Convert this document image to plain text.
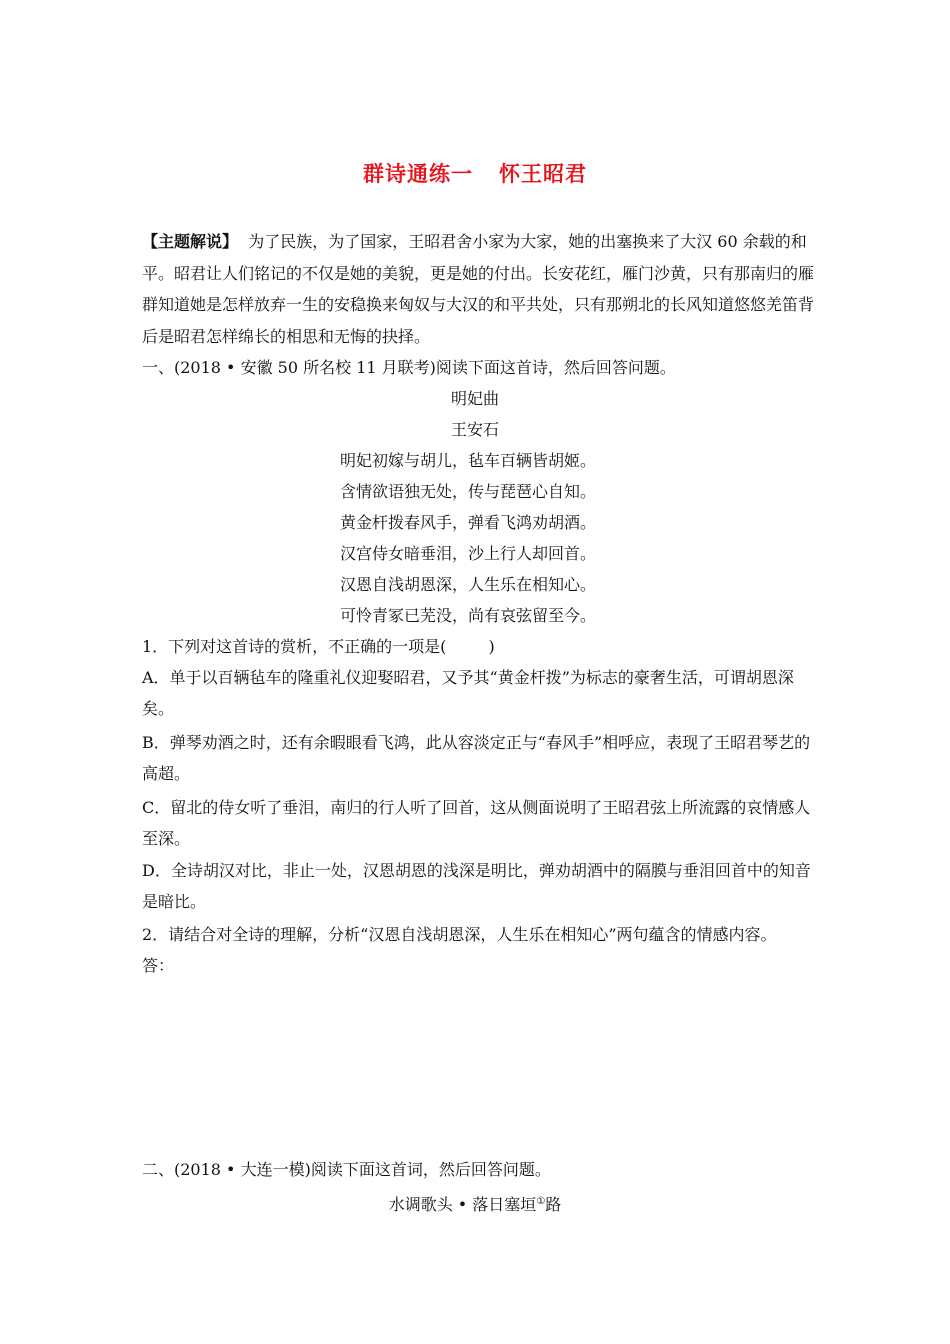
群诗通练一 怀王昭君
【主题解说】 为了民族，为了国家，王昭君舍小家为大家，她的出塞换来了大汉 60 余载的和平。昭君让人们铭记的不仅是她的美貌，更是她的付出。长安花红，雁门沙黄，只有那南归的雁群知道她是怎样放弃一生的安稳换来匈奴与大汉的和平共处，只有那朔北的长风知道悠悠羌笛背后是昭君怎样绵长的相思和无悔的抉择。
一、(2018 • 安徽 50 所名校 11 月联考)阅读下面这首诗，然后回答问题。
明妃曲
王安石
明妃初嫁与胡儿，毡车百辆皆胡姬。
含情欲语独无处，传与琵琶心自知。
黄金杆拨春风手，弹看飞鸿劝胡酒。
汉宫侍女暗垂泪，沙上行人却回首。
汉恩自浅胡恩深，人生乐在相知心。
可怜青冢已芜没，尚有哀弦留至今。
1．下列对这首诗的赏析，不正确的一项是(	)
A．单于以百辆毡车的隆重礼仪迎娶昭君，又予其“黄金杆拨”为标志的豪奢生活，可谓胡恩深矣。
B．弹琴劝酒之时，还有余暇眼看飞鸿，此从容淡定正与“春风手”相呼应，表现了王昭君琴艺的高超。
C．留北的侍女听了垂泪，南归的行人听了回首，这从侧面说明了王昭君弦上所流露的哀情感人至深。
D．全诗胡汉对比，非止一处，汉恩胡恩的浅深是明比，弹劝胡酒中的隔膜与垂泪回首中的知音是暗比。
2．请结合对全诗的理解，分析“汉恩自浅胡恩深，人生乐在相知心”两句蕴含的情感内容。
答：
二、(2018 • 大连一模)阅读下面这首词，然后回答问题。
水调歌头 • 落日塞垣①路
